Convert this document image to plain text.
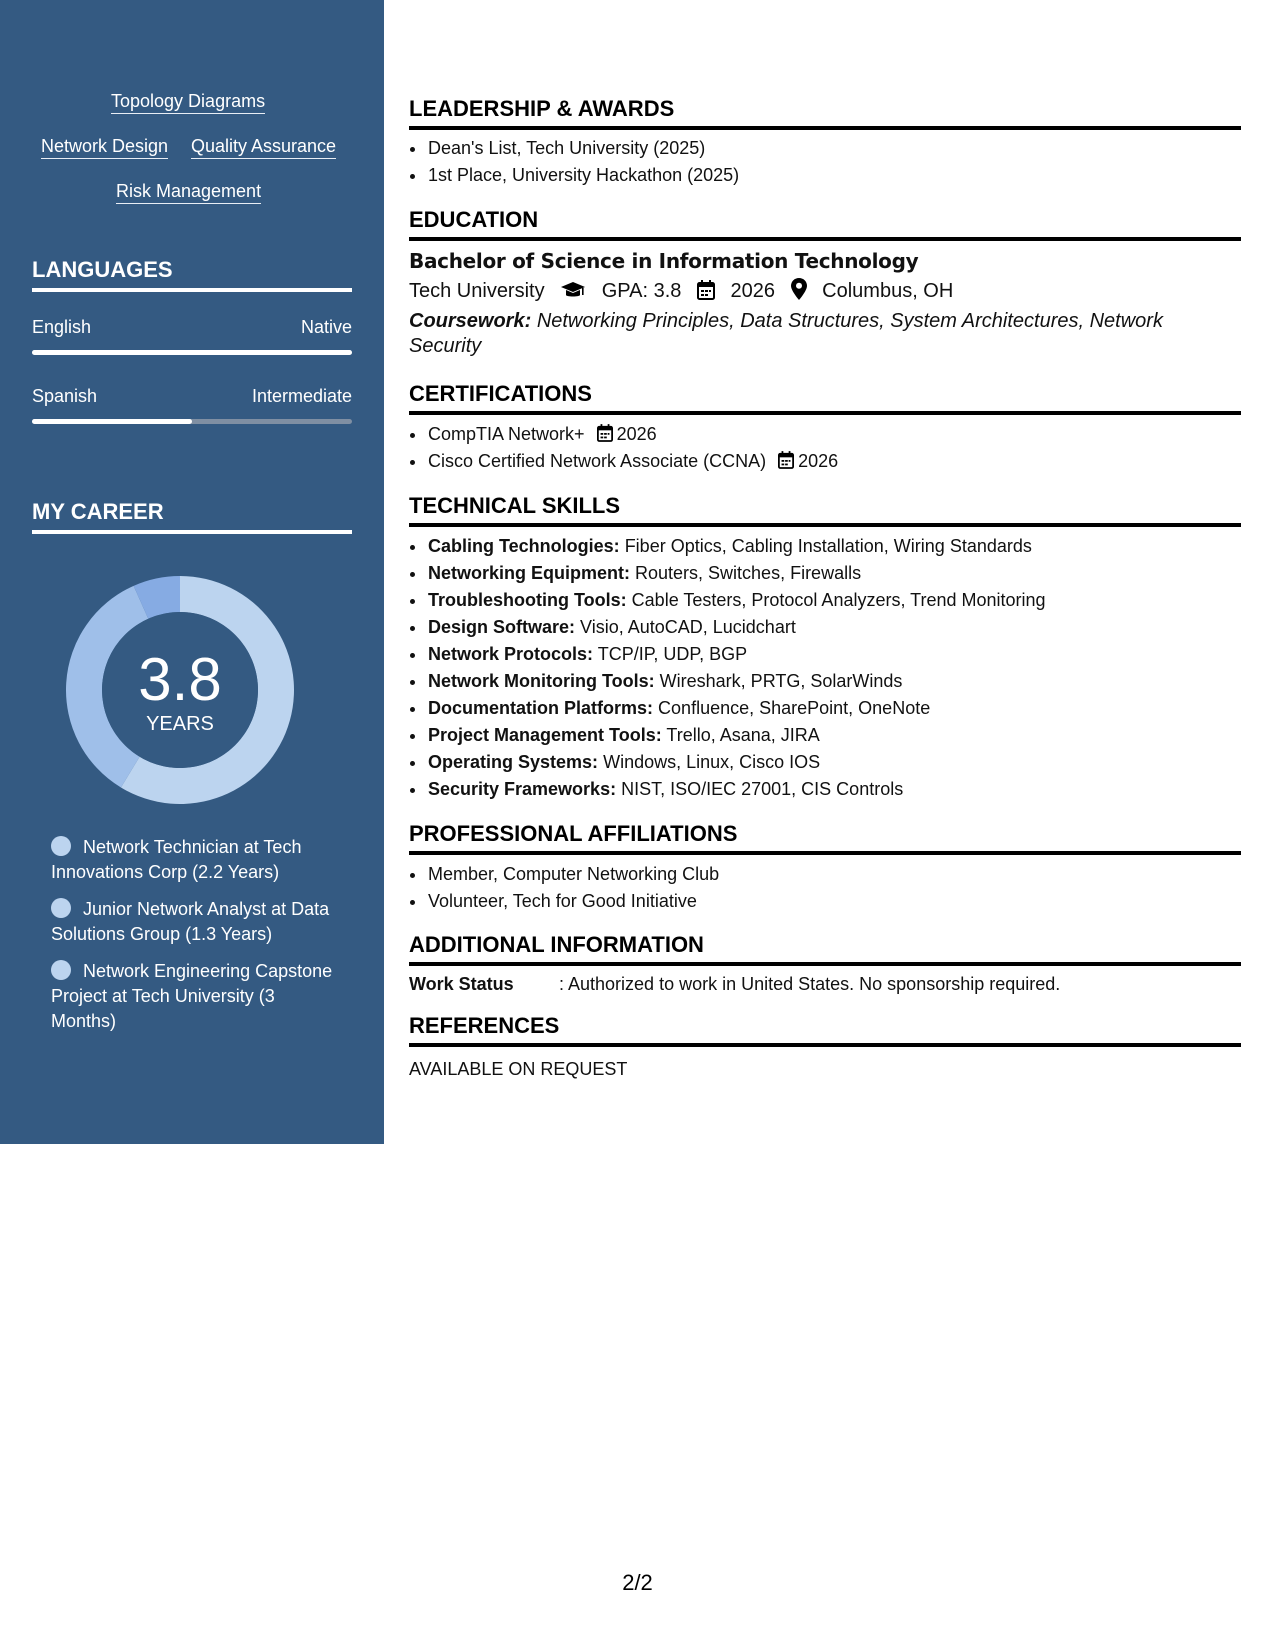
Topology Diagrams
Network Design Quality Assurance
Risk Management
LANGUAGES
English	Native
Spanish	Intermediate
MY CAREER
3.8
YEARS
Network Technician at Tech Innovations Corp (2.2 Years)
Junior Network Analyst at Data Solutions Group (1.3 Years)
Network Engineering Capstone Project at Tech University (3 Months)
LEADERSHIP & AWARDS
• Dean's List, Tech University (2025)
• 1st Place, University Hackathon (2025)
EDUCATION
Bachelor of Science in Information Technology
Tech University	GPA: 3.8 2026 Columbus, OH
Coursework: Networking Principles, Data Structures, System Architectures, Network Security
CERTIFICATIONS
• CompTIA Network+ 2026
• Cisco Certified Network Associate (CCNA) 2026
TECHNICAL SKILLS
• Cabling Technologies: Fiber Optics, Cabling Installation, Wiring Standards
• Networking Equipment: Routers, Switches, Firewalls
• Troubleshooting Tools: Cable Testers, Protocol Analyzers, Trend Monitoring
• Design Software: Visio, AutoCAD, Lucidchart
• Network Protocols: TCP/IP, UDP, BGP
• Network Monitoring Tools: Wireshark, PRTG, SolarWinds
• Documentation Platforms: Confluence, SharePoint, OneNote
• Project Management Tools: Trello, Asana, JIRA
• Operating Systems: Windows, Linux, Cisco IOS
• Security Frameworks: NIST, ISO/IEC 27001, CIS Controls
PROFESSIONAL AFFILIATIONS
• Member, Computer Networking Club
• Volunteer, Tech for Good Initiative
ADDITIONAL INFORMATION
Work Status	: Authorized to work in United States. No sponsorship required.
REFERENCES
AVAILABLE ON REQUEST
2/2
